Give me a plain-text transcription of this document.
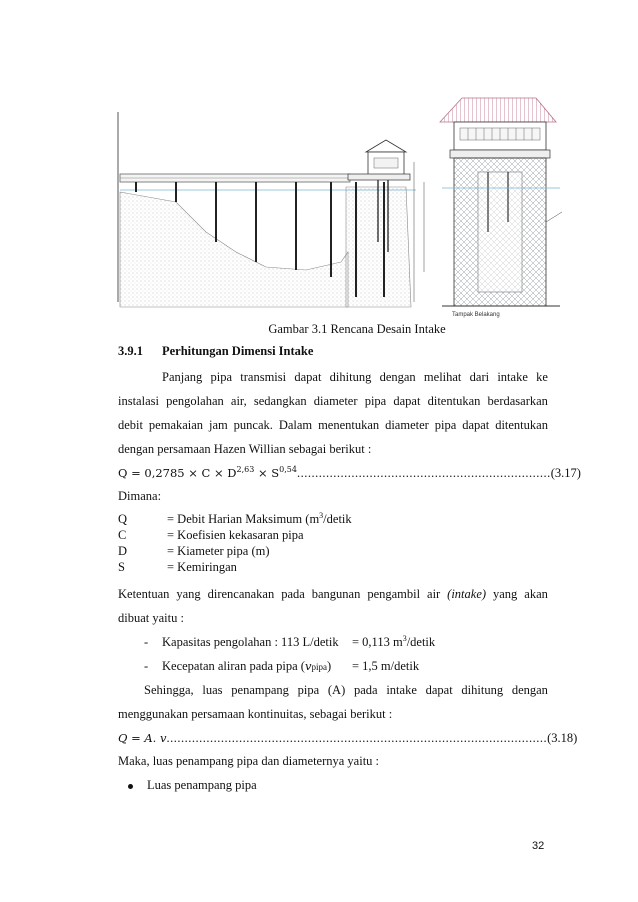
Tampak Belakang
Gambar 3.1 Rencana Desain Intake
3.9.1 Perhitungan Dimensi Intake
Panjang pipa transmisi dapat dihitung dengan melihat dari intake ke
instalasi pengolahan air, sedangkan diameter pipa dapat ditentukan berdasarkan
debit pemakaian jam puncak. Dalam menentukan diameter pipa dapat ditentukan
dengan persamaan Hazen Willian sebagai berikut :
Q = 0,2785 × C × D$^{2,63}$ × S$^{0,54}$......................................................................(3.17)
Dimana:
Q	= Debit Harian Maksimum ($m^3$/detik
C	= Koefisien kekasaran pipa
D	= Kiameter pipa (m)
S	= Kemiringan
Ketentuan yang direncanakan pada bangunan pengambil air (intake) yang akan
dibuat yaitu :
- Kapasitas pengolahan : 113 L/detik = 0,113 $m^3$/detik
- Kecepatan aliran pada pipa (vpipa) = 1,5 m/detik
Sehingga, luas penampang pipa (A) pada intake dapat dihitung dengan
menggunakan persamaan kontinuitas, sebagai berikut :
Q = A. v.........................................................................................................(3.18)
Maka, luas penampang pipa dan diameternya yaitu :
Luas penampang pipa
32
